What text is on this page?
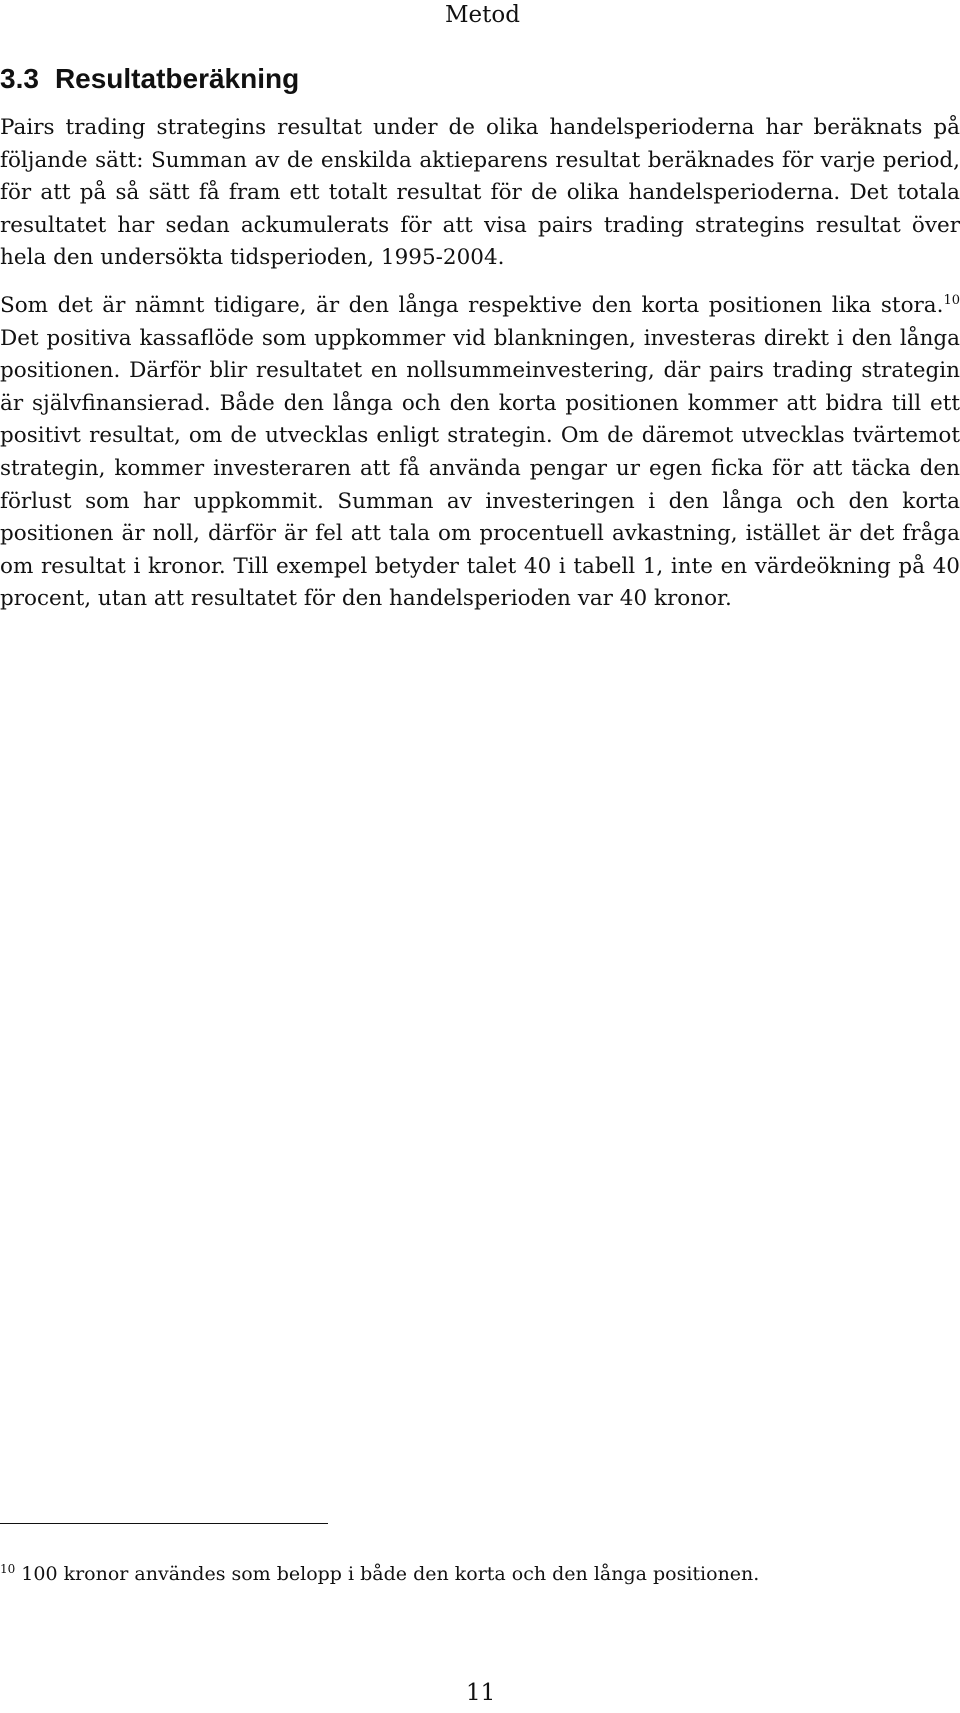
Metod
3.3 Resultatberäkning

Pairs trading strategins resultat under de olika handelsperioderna har beräknats på följande sätt: Summan av de enskilda aktieparens resultat beräknades för varje period, för att på så sätt få fram ett totalt resultat för de olika handelsperioderna. Det totala resultatet har sedan ackumulerats för att visa pairs trading strategins resultat över hela den undersökta tidsperioden, 1995-2004.

Som det är nämnt tidigare, är den långa respektive den korta positionen lika stora.$^{10}$ Det positiva kassaflöde som uppkommer vid blankningen, investeras direkt i den långa positionen. Därför blir resultatet en nollsummeinvestering, där pairs trading strategin är självfinansierad. Både den långa och den korta positionen kommer att bidra till ett positivt resultat, om de utvecklas enligt strategin. Om de däremot utvecklas tvärtemot strategin, kommer investeraren att få använda pengar ur egen ficka för att täcka den förlust som har uppkommit. Summan av investeringen i den långa och den korta positionen är noll, därför är fel att tala om procentuell avkastning, istället är det fråga om resultat i kronor. Till exempel betyder talet 40 i tabell 1, inte en värdeökning på 40 procent, utan att resultatet för den handelsperioden var 40 kronor.

$^{10}$ 100 kronor användes som belopp i både den korta och den långa positionen.
11
